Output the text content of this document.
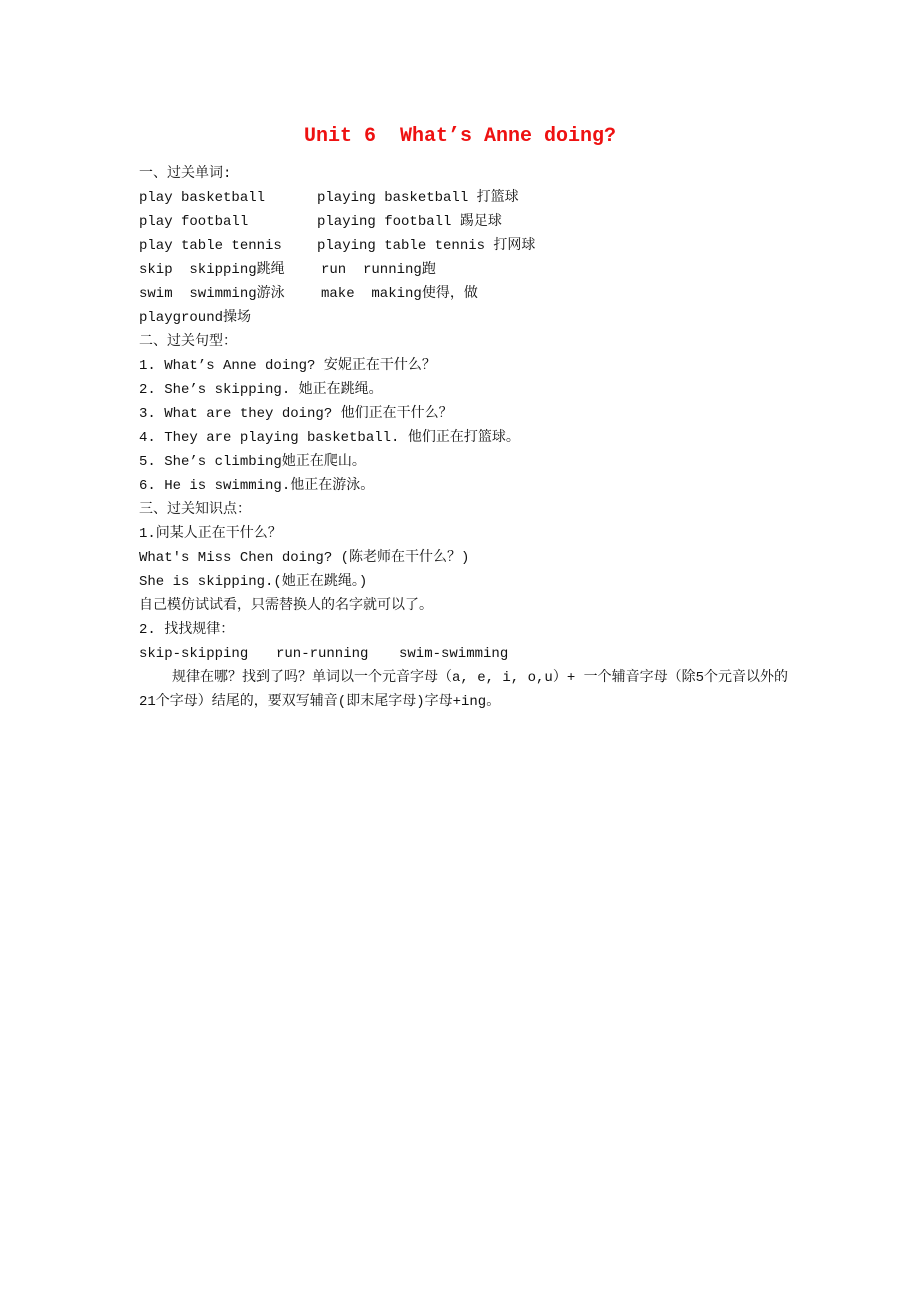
Unit 6  What’s Anne doing?
一、过关单词:
play basketball	playing basketball 打篮球
play football	playing football 踢足球
play table tennis	playing table tennis 打网球
skip  skipping跳绳	run  running跑
swim  swimming游泳	make  making使得，做
playground操场
二、过关句型：
1. What’s Anne doing? 安妮正在干什么？
2. She’s skipping. 她正在跳绳。
3. What are they doing? 他们正在干什么？
4. They are playing basketball. 他们正在打篮球。
5. She’s climbing她正在爬山。
6. He is swimming.他正在游泳。
三、过关知识点：
1.问某人正在干什么？
What's Miss Chen doing? (陈老师在干什么？)
She is skipping.(她正在跳绳。)
自己模仿试试看，只需替换人的名字就可以了。
2. 找找规律：
skip-skipping run-running swim-swimming
规律在哪？找到了吗？单词以一个元音字母（a, e, i, o,u）+ 一个辅音字母（除5个元音以外的21个字母）结尾的，要双写辅音(即末尾字母)字母+ing。
